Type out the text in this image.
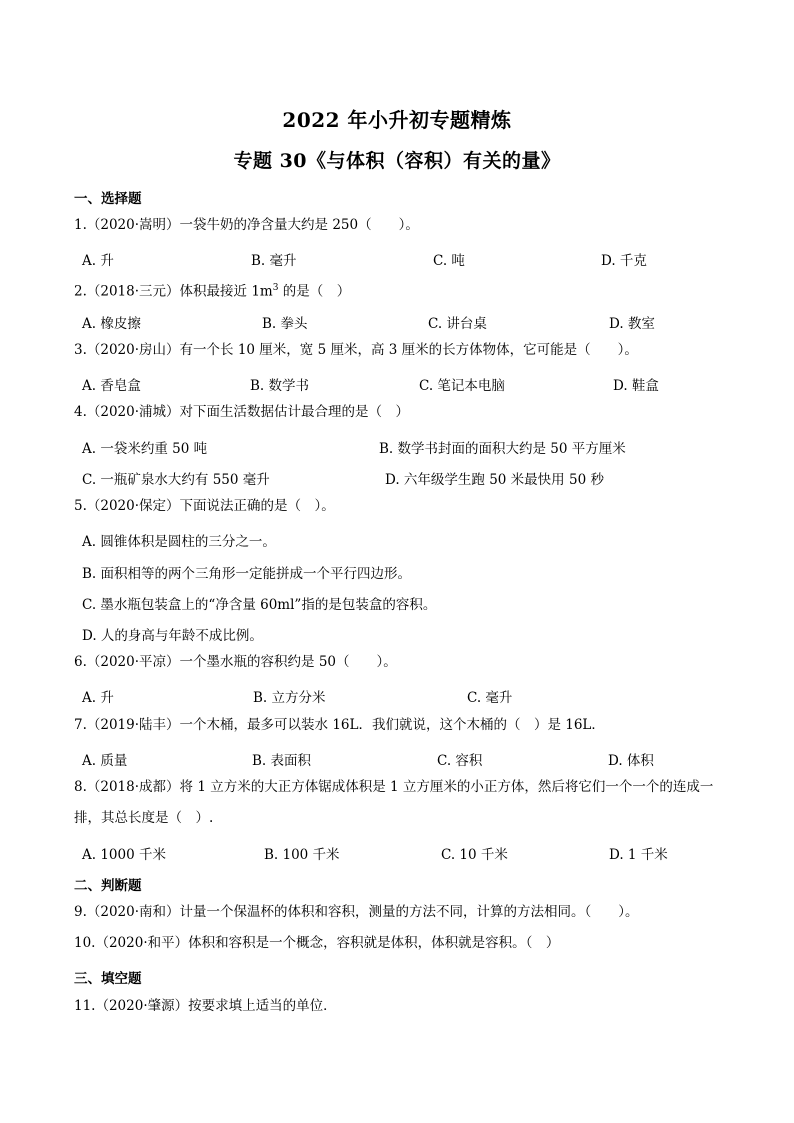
2022 年小升初专题精炼
专题 30《与体积（容积）有关的量》
一、选择题
1.（2020·嵩明）一袋牛奶的净含量大约是 250（　　）。
A. 升	B. 毫升	C. 吨	D. 千克
2.（2018·三元）体积最接近 $1m^3$ 的是（　）
A. 橡皮擦	B. 拳头	C. 讲台桌	D. 教室
3.（2020·房山）有一个长 10 厘米，宽 5 厘米，高 3 厘米的长方体物体，它可能是（　　）。
A. 香皂盒	B. 数学书	C. 笔记本电脑	D. 鞋盒
4.（2020·浦城）对下面生活数据估计最合理的是（　）
A. 一袋米约重 50 吨	B. 数学书封面的面积大约是 50 平方厘米
C. 一瓶矿泉水大约有 550 毫升	D. 六年级学生跑 50 米最快用 50 秒
5.（2020·保定）下面说法正确的是（　）。
A. 圆锥体积是圆柱的三分之一。
B. 面积相等的两个三角形一定能拼成一个平行四边形。
C. 墨水瓶包装盒上的“净含量 60ml”指的是包装盒的容积。
D. 人的身高与年龄不成比例。
6.（2020·平凉）一个墨水瓶的容积约是 50（　　）。
A. 升	B. 立方分米	C. 毫升
7.（2019·陆丰）一个木桶，最多可以装水 16L．我们就说，这个木桶的（　）是 16L．
A. 质量	B. 表面积	C. 容积	D. 体积
8.（2018·成都）将 1 立方米的大正方体锯成体积是 1 立方厘米的小正方体，然后将它们一个一个的连成一
排，其总长度是（　）.
A. 1000 千米	B. 100 千米	C. 10 千米	D. 1 千米
二、判断题
9.（2020·南和）计量一个保温杯的体积和容积，测量的方法不同，计算的方法相同。（　　）。
10.（2020·和平）体积和容积是一个概念，容积就是体积，体积就是容积。（　）
三、填空题
11.（2020·肇源）按要求填上适当的单位．
